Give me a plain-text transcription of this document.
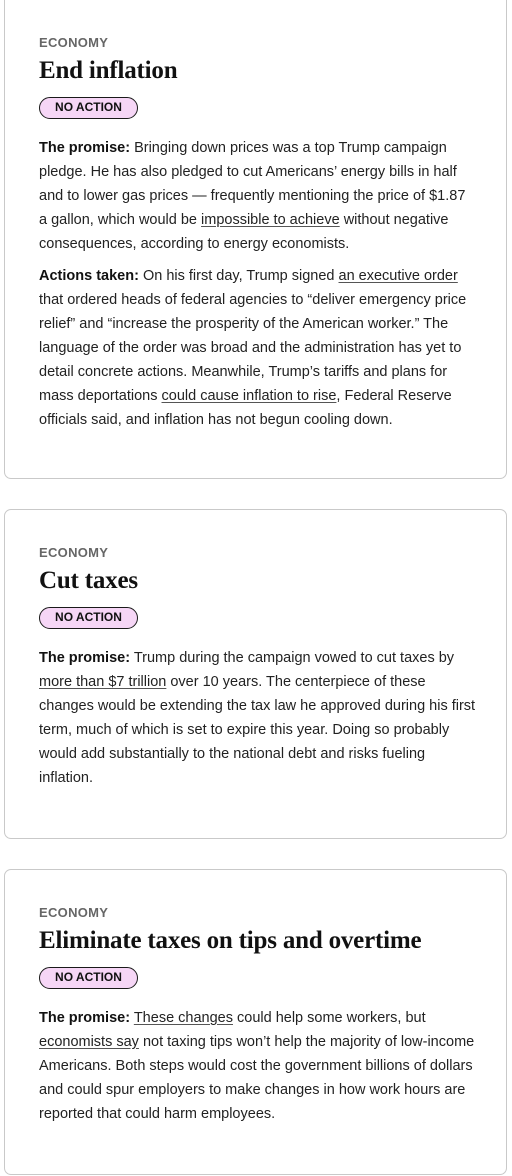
ECONOMY

End inflation
NO ACTION

The promise: Bringing down prices was a top Trump campaign pledge. He has also pledged to cut Americans’ energy bills in half and to lower gas prices — frequently mentioning the price of $1.87 a gallon, which would be impossible to achieve without negative consequences, according to energy economists.

Actions taken: On his first day, Trump signed an executive order that ordered heads of federal agencies to “deliver emergency price relief” and “increase the prosperity of the American worker.” The language of the order was broad and the administration has yet to detail concrete actions. Meanwhile, Trump’s tariffs and plans for mass deportations could cause inflation to rise, Federal Reserve officials said, and inflation has not begun cooling down.

ECONOMY

Cut taxes
NO ACTION

The promise: Trump during the campaign vowed to cut taxes by more than $7 trillion over 10 years. The centerpiece of these changes would be extending the tax law he approved during his first term, much of which is set to expire this year. Doing so probably would add substantially to the national debt and risks fueling inflation.

ECONOMY

Eliminate taxes on tips and overtime
NO ACTION

The promise: These changes could help some workers, but economists say not taxing tips won’t help the majority of low-income Americans. Both steps would cost the government billions of dollars and could spur employers to make changes in how work hours are reported that could harm employees.
